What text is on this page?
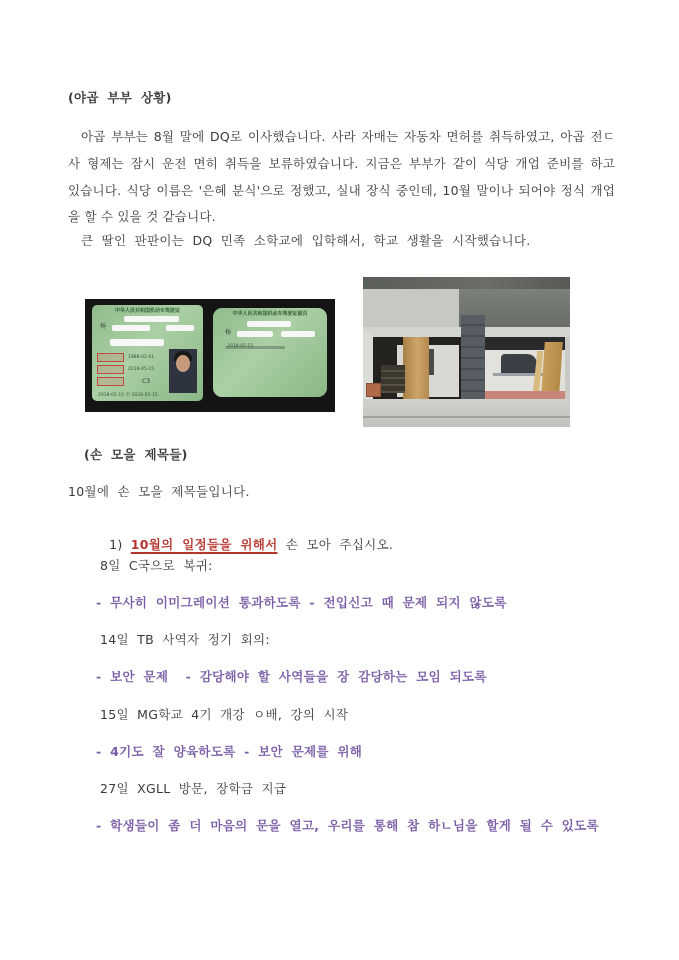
(야곱 부부 상황)
아곱 부부는 8월 말에 DQ로 이사했습니다. 사라 자매는 자동차 면허를 취득하였고, 아곱 전ㄷ
사 형제는 잠시 운전 면히 취득을 보류하였습니다. 지금은 부부가 같이 식당 개업 준비를 하고
있습니다. 식당 이름은 '은혜 분식'으로 정했고, 실내 장식 중인데, 10월 말이나 되어야 정식 개업
을 할 수 있을 것 같습니다.
큰 딸인 판판이는 DQ 민족 소학교에 입학해서, 학교 생활을 시작했습니다.
中华人民共和国机动车驾驶证
杨
1988-02-01
2018-05-15
C3
2018-05-15 至 2028-05-15
中华人民共和国机动车驾驶证副页
杨
2018-05-15
(손 모을 제목들)
10월에 손 모을 제목들입니다.

1) 10월의 일정들을 위해서 손 모아 주십시오.

8일 C국으로 복귀:
- 무사히 이미그레이션 통과하도록 - 전입신고 때 문제 되지 않도록
14일 TB 사역자 정기 회의:
- 보안 문제  - 감당해야 할 사역들을 장 감당하는 모임 되도록
15일 MG학교 4기 개강 ㅇ배, 강의 시작
- 4기도 잘 양육하도록 - 보안 문제를 위해
27일 XGLL 방문, 장학금 지급
- 학생들이 좀 더 마음의 문을 열고, 우리를 통해 참 하ㄴ님을 할게 될 수 있도록
